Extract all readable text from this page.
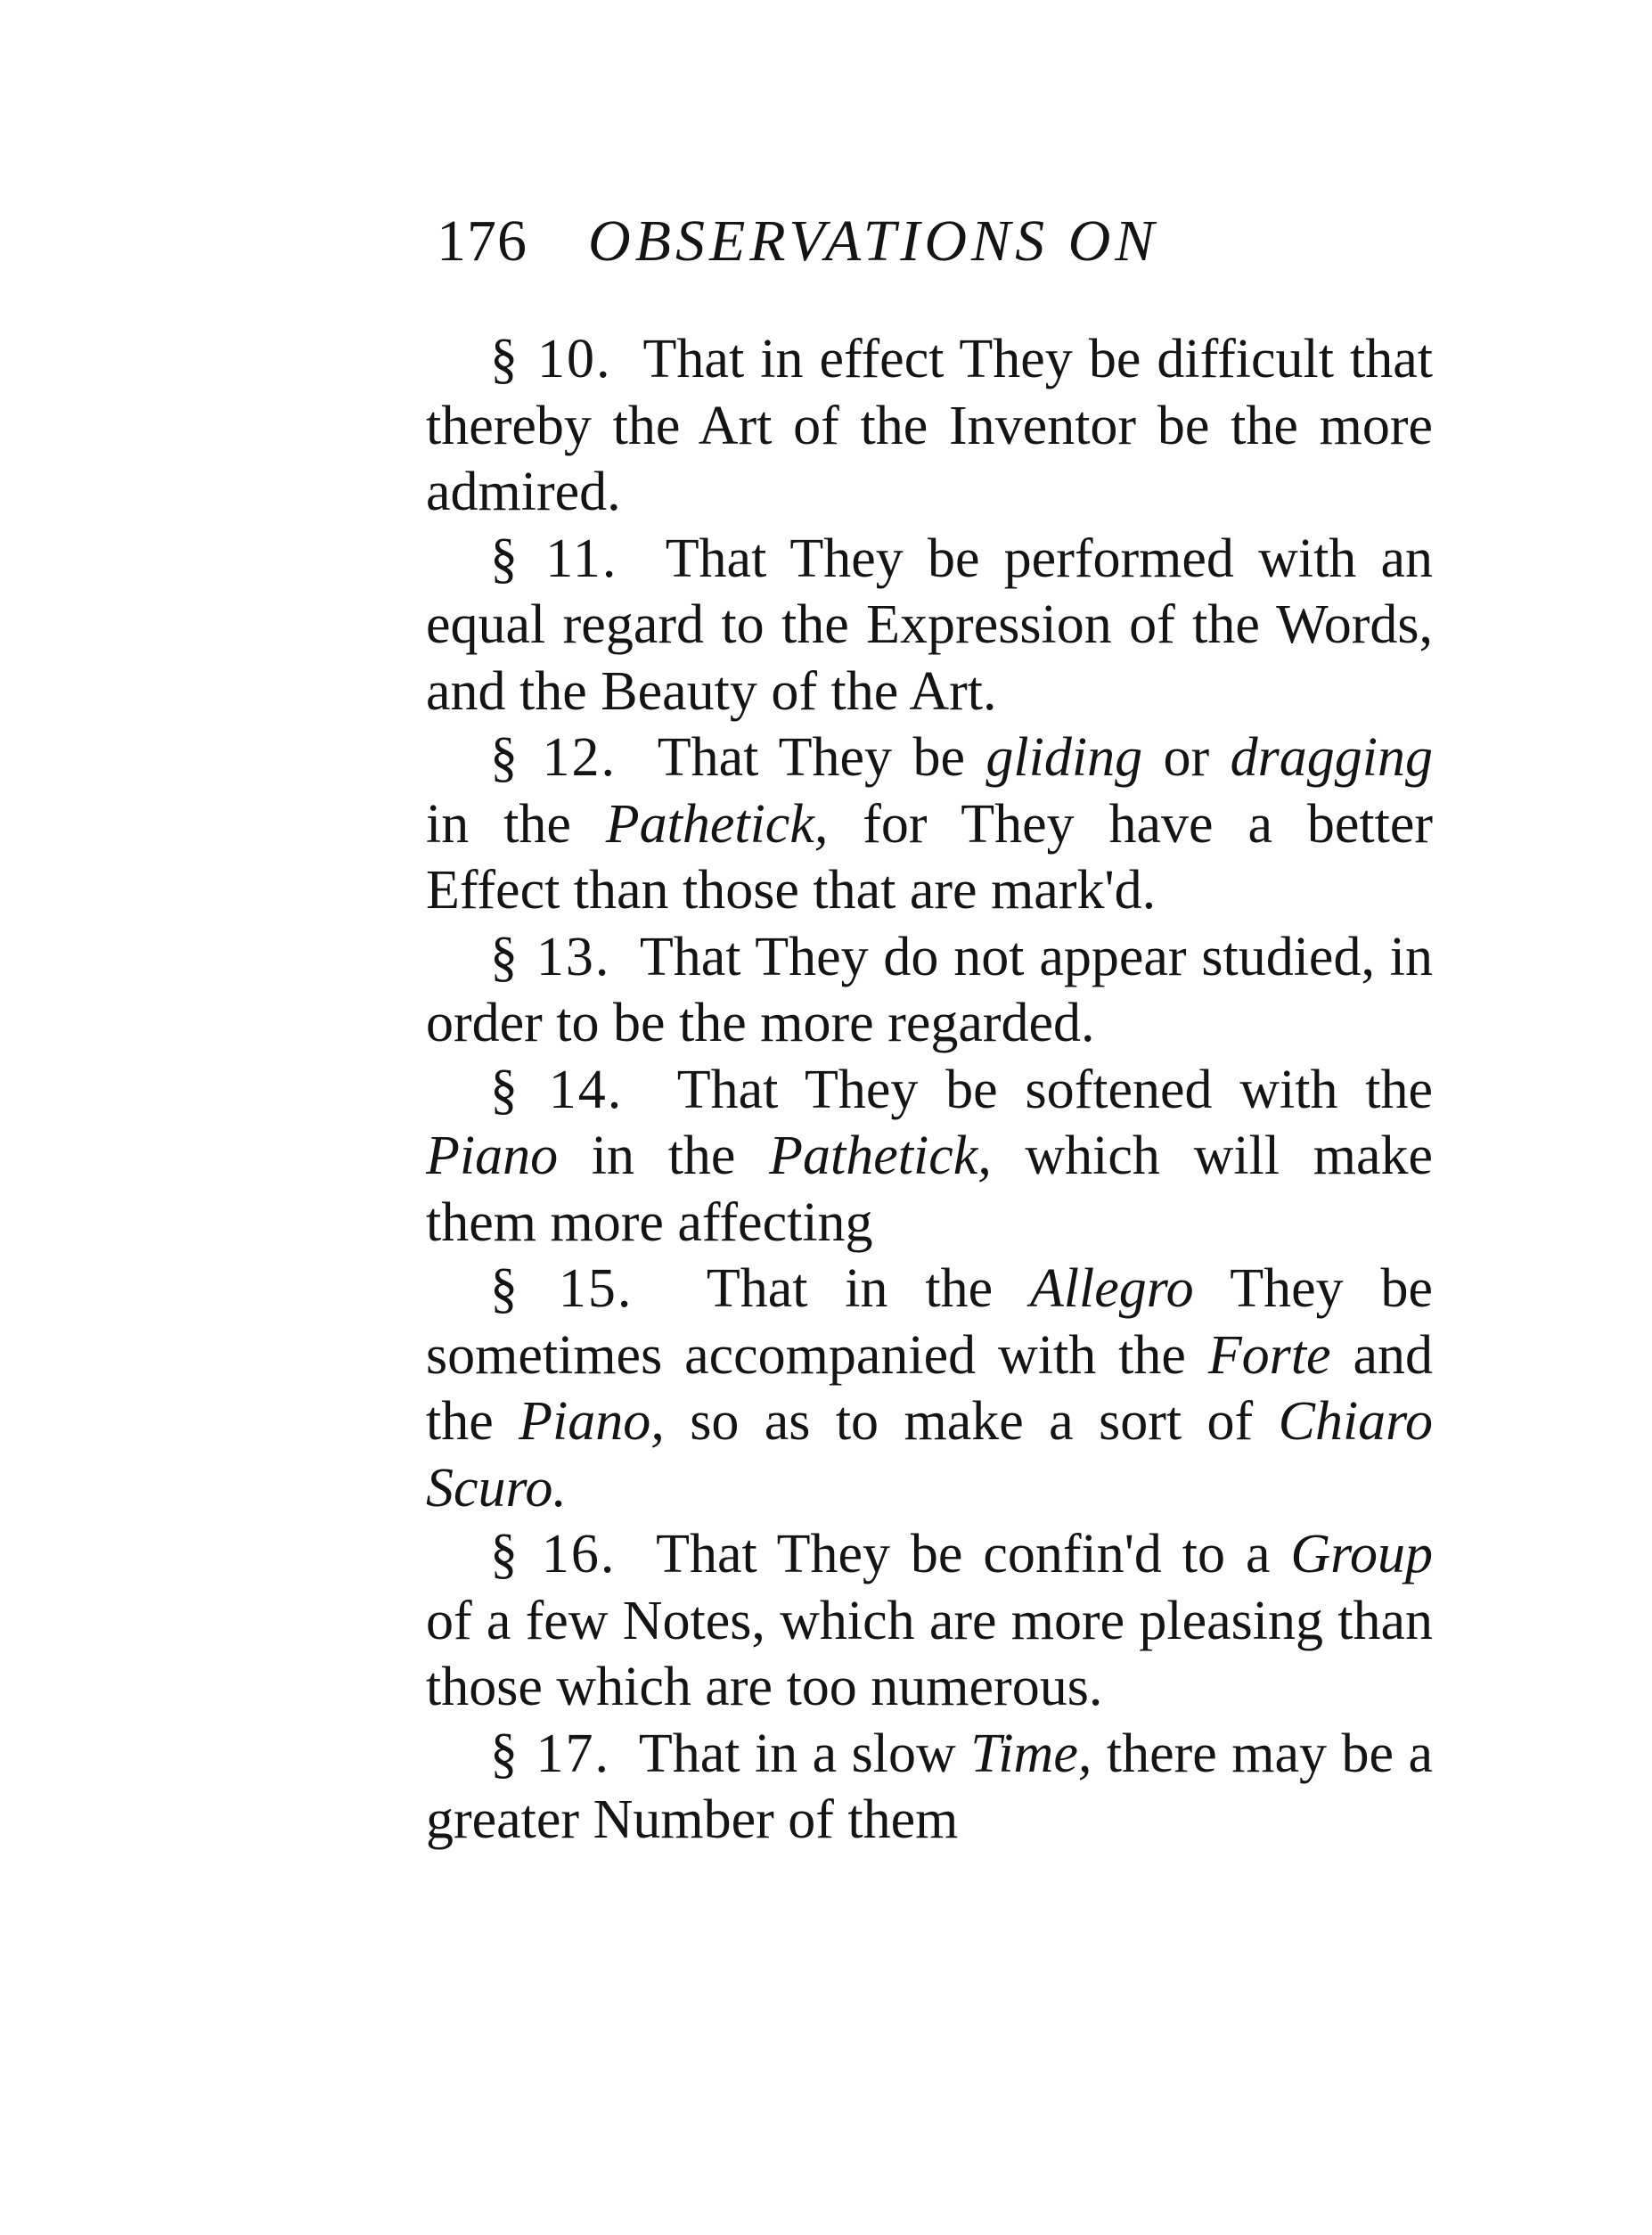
176 OBSERVATIONS ON

§ 10. That in effect They be difficult that thereby the Art of the Inventor be the more admired.

§ 11. That They be performed with an equal regard to the Expression of the Words, and the Beauty of the Art.

§ 12. That They be gliding or dragging in the Pathetick, for They have a better Effect than those that are mark'd.

§ 13. That They do not appear studied, in order to be the more regarded.

§ 14. That They be softened with the Piano in the Pathetick, which will make them more affecting

§ 15. That in the Allegro They be sometimes accompanied with the Forte and the Piano, so as to make a sort of Chiaro Scuro.

§ 16. That They be confin'd to a Group of a few Notes, which are more pleasing than those which are too numerous.

§ 17. That in a slow Time, there may be a greater Number of them
